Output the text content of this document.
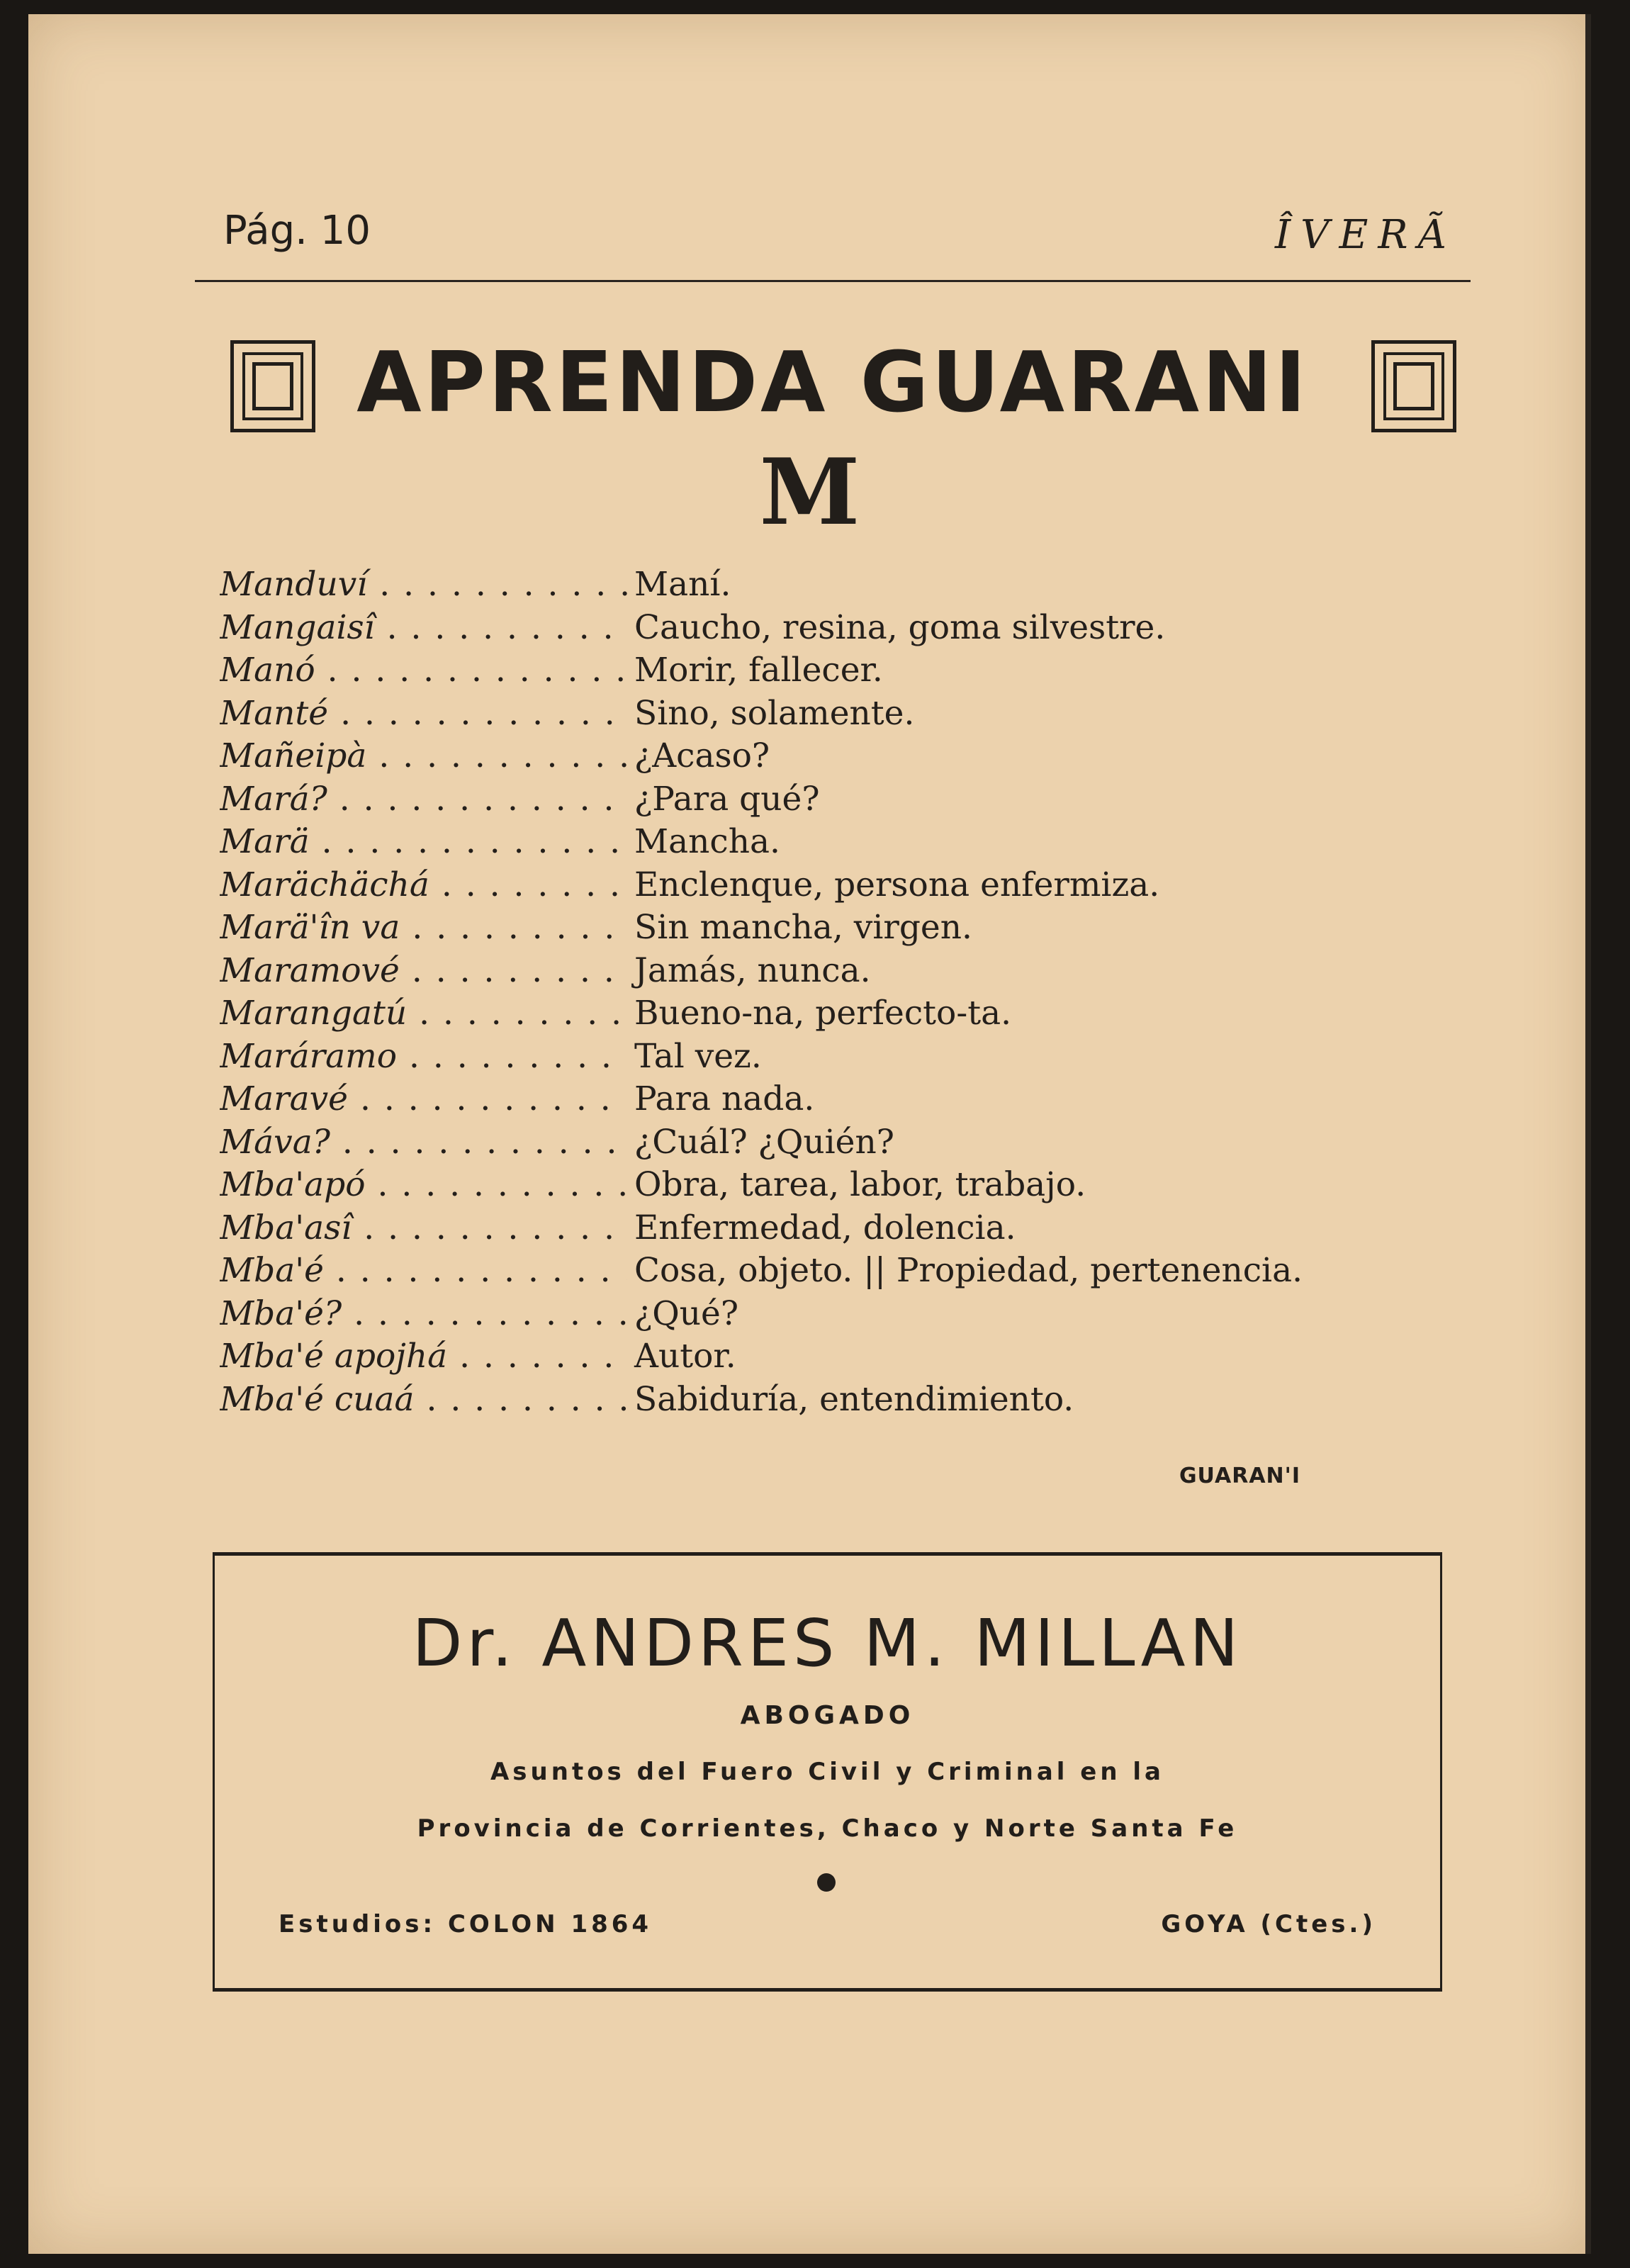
Pág. 10	ÎVERÃ
APRENDA GUARANI
M
Manduví . . .	Maní.
Mangaisî . . .	Caucho, resina, goma silvestre.
Manó . . .	Morir, fallecer.
Manté . . .	Sino, solamente.
Mañeipà . . .	¿Acaso?
Mará? . . .	¿Para qué?
Marä . . .	Mancha.
Marächächá . . .	Enclenque, persona enfermiza.
Marä'în va . . .	Sin mancha, virgen.
Maramové . . .	Jamás, nunca.
Marangatú . . .	Bueno-na, perfecto-ta.
Maráramo . . .	Tal vez.
Maravé . . .	Para nada.
Máva? . . .	¿Cuál? ¿Quién?
Mba'apó . . .	Obra, tarea, labor, trabajo.
Mba'asî . . .	Enfermedad, dolencia.
Mba'é . . .	Cosa, objeto. || Propiedad, pertenencia.
Mba'é? . . .	¿Qué?
Mba'é apojhá . . .	Autor.
Mba'é cuaá . . .	Sabiduría, entendimiento.
GUARAN'I
Dr. ANDRES M. MILLAN
ABOGADO
Asuntos del Fuero Civil y Criminal en la
Provincia de Corrientes, Chaco y Norte Santa Fe
Estudios: COLON 1864	GOYA (Ctes.)
